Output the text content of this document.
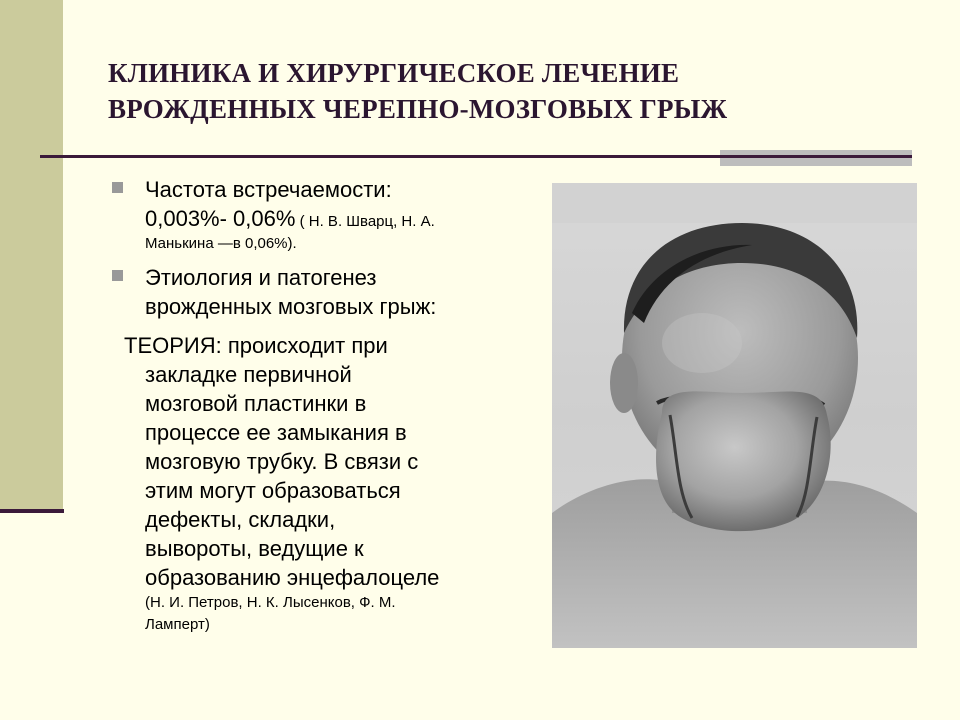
КЛИНИКА И ХИРУРГИЧЕСКОЕ ЛЕЧЕНИЕ
ВРОЖДЕННЫХ ЧЕРЕПНО-МОЗГОВЫХ ГРЫЖ
Частота встречаемости:
0,003%- 0,06% ( Н. В. Шварц, Н. А.
Манькина —в 0,06%).
Этиология и патогенез
врожденных мозговых грыж:
ТЕОРИЯ: происходит при
закладке первичной
мозговой пластинки в
процессе ее замыкания в
мозговую трубку. В связи с
этим могут образоваться
дефекты, складки,
вывороты, ведущие к
образованию энцефалоцеле
(Н. И. Петров, Н. К. Лысенков, Ф. М.
Ламперт)
